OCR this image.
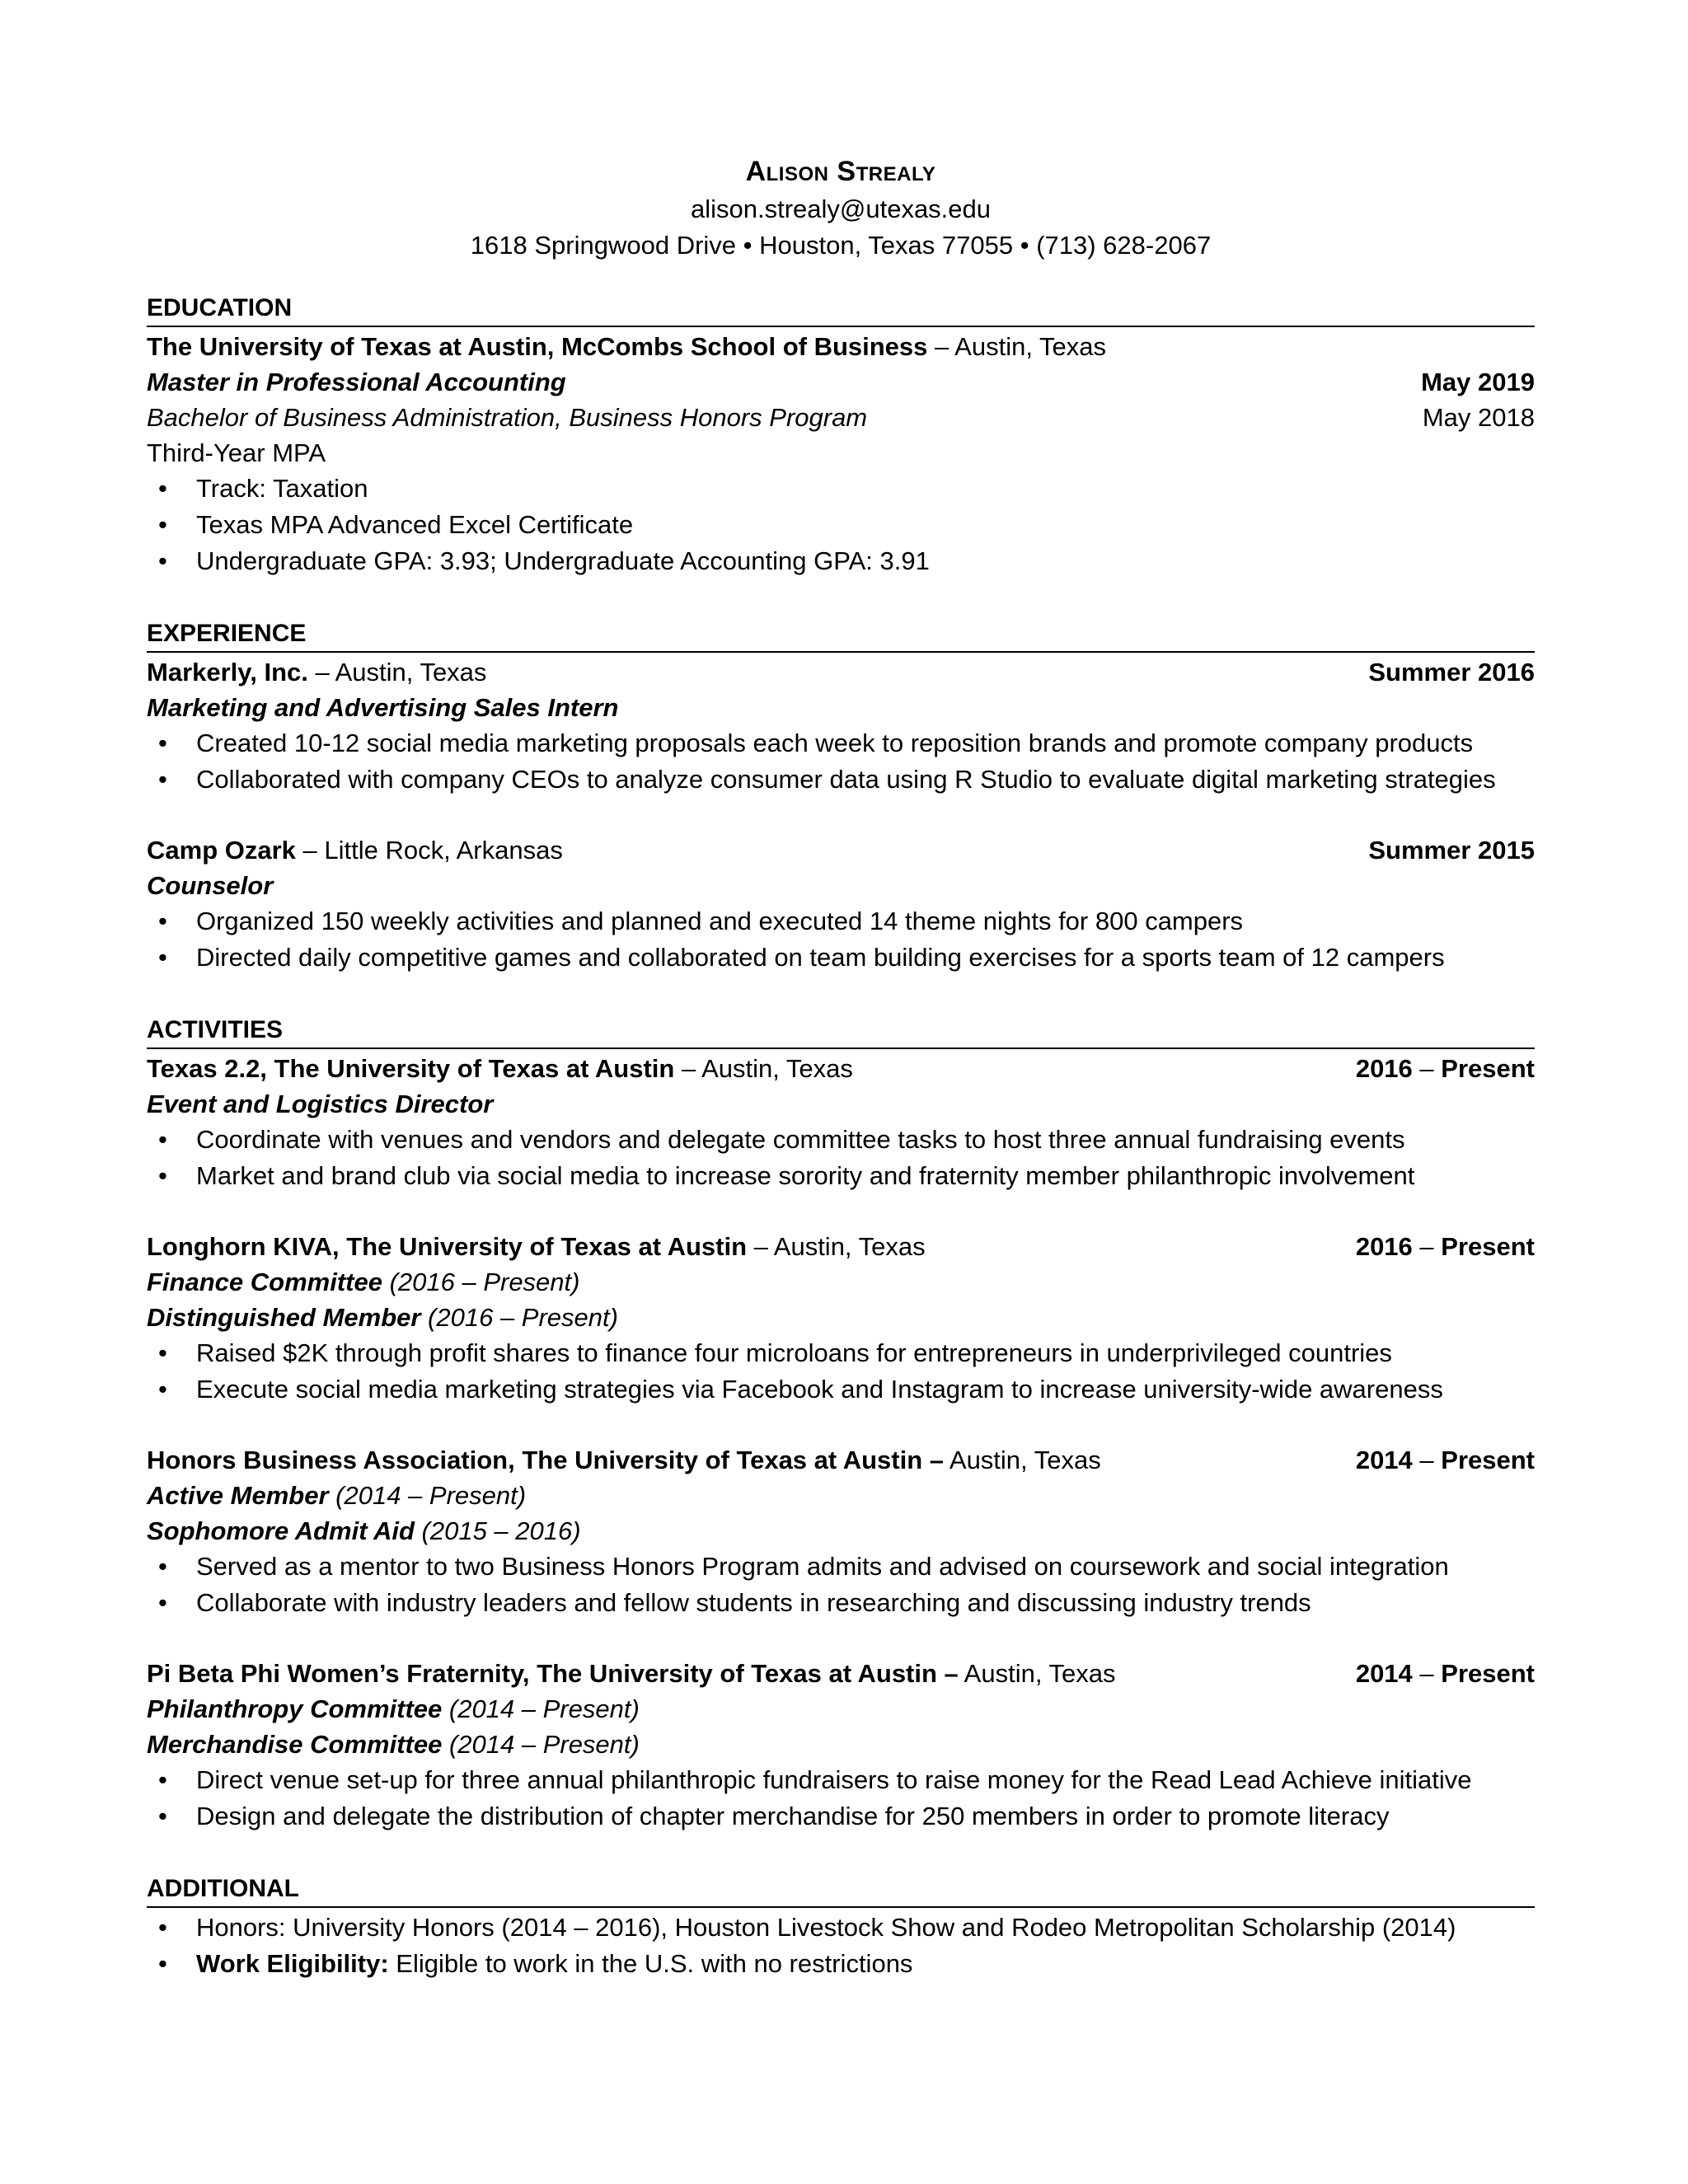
Alison Strealy
alison.strealy@utexas.edu
1618 Springwood Drive • Houston, Texas 77055 • (713) 628-2067
EDUCATION
The University of Texas at Austin, McCombs School of Business – Austin, Texas
Master in Professional Accounting	May 2019
Bachelor of Business Administration, Business Honors Program	May 2018
Third-Year MPA
• Track: Taxation
• Texas MPA Advanced Excel Certificate
• Undergraduate GPA: 3.93; Undergraduate Accounting GPA: 3.91
EXPERIENCE
Markerly, Inc. – Austin, Texas	Summer 2016
Marketing and Advertising Sales Intern
• Created 10-12 social media marketing proposals each week to reposition brands and promote company products
• Collaborated with company CEOs to analyze consumer data using R Studio to evaluate digital marketing strategies
Camp Ozark – Little Rock, Arkansas	Summer 2015
Counselor
• Organized 150 weekly activities and planned and executed 14 theme nights for 800 campers
• Directed daily competitive games and collaborated on team building exercises for a sports team of 12 campers
ACTIVITIES
Texas 2.2, The University of Texas at Austin – Austin, Texas	2016 – Present
Event and Logistics Director
• Coordinate with venues and vendors and delegate committee tasks to host three annual fundraising events
• Market and brand club via social media to increase sorority and fraternity member philanthropic involvement
Longhorn KIVA, The University of Texas at Austin – Austin, Texas	2016 – Present
Finance Committee (2016 – Present)
Distinguished Member (2016 – Present)
• Raised $2K through profit shares to finance four microloans for entrepreneurs in underprivileged countries
• Execute social media marketing strategies via Facebook and Instagram to increase university-wide awareness
Honors Business Association, The University of Texas at Austin – Austin, Texas	2014 – Present
Active Member (2014 – Present)
Sophomore Admit Aid (2015 – 2016)
• Served as a mentor to two Business Honors Program admits and advised on coursework and social integration
• Collaborate with industry leaders and fellow students in researching and discussing industry trends
Pi Beta Phi Women’s Fraternity, The University of Texas at Austin – Austin, Texas	2014 – Present
Philanthropy Committee (2014 – Present)
Merchandise Committee (2014 – Present)
• Direct venue set-up for three annual philanthropic fundraisers to raise money for the Read Lead Achieve initiative
• Design and delegate the distribution of chapter merchandise for 250 members in order to promote literacy
ADDITIONAL
• Honors: University Honors (2014 – 2016), Houston Livestock Show and Rodeo Metropolitan Scholarship (2014)
• Work Eligibility: Eligible to work in the U.S. with no restrictions
